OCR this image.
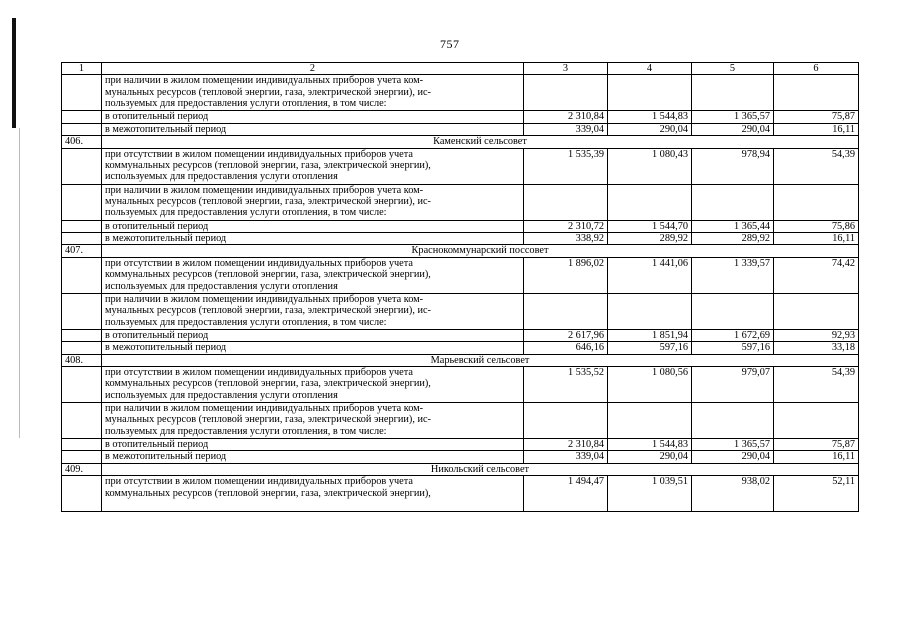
757
1	2	3	4	5	6

	при наличии в жилом помещении индивидуальных приборов учета ком-
мунальных ресурсов (тепловой энергии, газа, электрической энергии), ис-
пользуемых для предоставления услуги отопления, в том числе:				

	в отопительный период	2 310,84	1 544,83	1 365,57	75,87

	в межотопительный период	339,04	290,04	290,04	16,11
406.	Каменский сельсовет				

	при отсутствии в жилом помещении индивидуальных приборов учета
коммунальных ресурсов (тепловой энергии, газа, электрической энергии),
используемых для предоставления услуги отопления	1 535,39	1 080,43	978,94	54,39

	при наличии в жилом помещении индивидуальных приборов учета ком-
мунальных ресурсов (тепловой энергии, газа, электрической энергии), ис-
пользуемых для предоставления услуги отопления, в том числе:				

	в отопительный период	2 310,72	1 544,70	1 365,44	75,86

	в межотопительный период	338,92	289,92	289,92	16,11
407.	Краснокоммунарский поссовет				

	при отсутствии в жилом помещении индивидуальных приборов учета
коммунальных ресурсов (тепловой энергии, газа, электрической энергии),
используемых для предоставления услуги отопления	1 896,02	1 441,06	1 339,57	74,42

	при наличии в жилом помещении индивидуальных приборов учета ком-
мунальных ресурсов (тепловой энергии, газа, электрической энергии), ис-
пользуемых для предоставления услуги отопления, в том числе:				

	в отопительный период	2 617,96	1 851,94	1 672,69	92,93

	в межотопительный период	646,16	597,16	597,16	33,18
408.	Марьевский сельсовет				

	при отсутствии в жилом помещении индивидуальных приборов учета
коммунальных ресурсов (тепловой энергии, газа, электрической энергии),
используемых для предоставления услуги отопления	1 535,52	1 080,56	979,07	54,39

	при наличии в жилом помещении индивидуальных приборов учета ком-
мунальных ресурсов (тепловой энергии, газа, электрической энергии), ис-
пользуемых для предоставления услуги отопления, в том числе:				

	в отопительный период	2 310,84	1 544,83	1 365,57	75,87

	в межотопительный период	339,04	290,04	290,04	16,11
409.	Никольский сельсовет				

	при отсутствии в жилом помещении индивидуальных приборов учета
коммунальных ресурсов (тепловой энергии, газа, электрической энергии),	1 494,47	1 039,51	938,02	52,11
